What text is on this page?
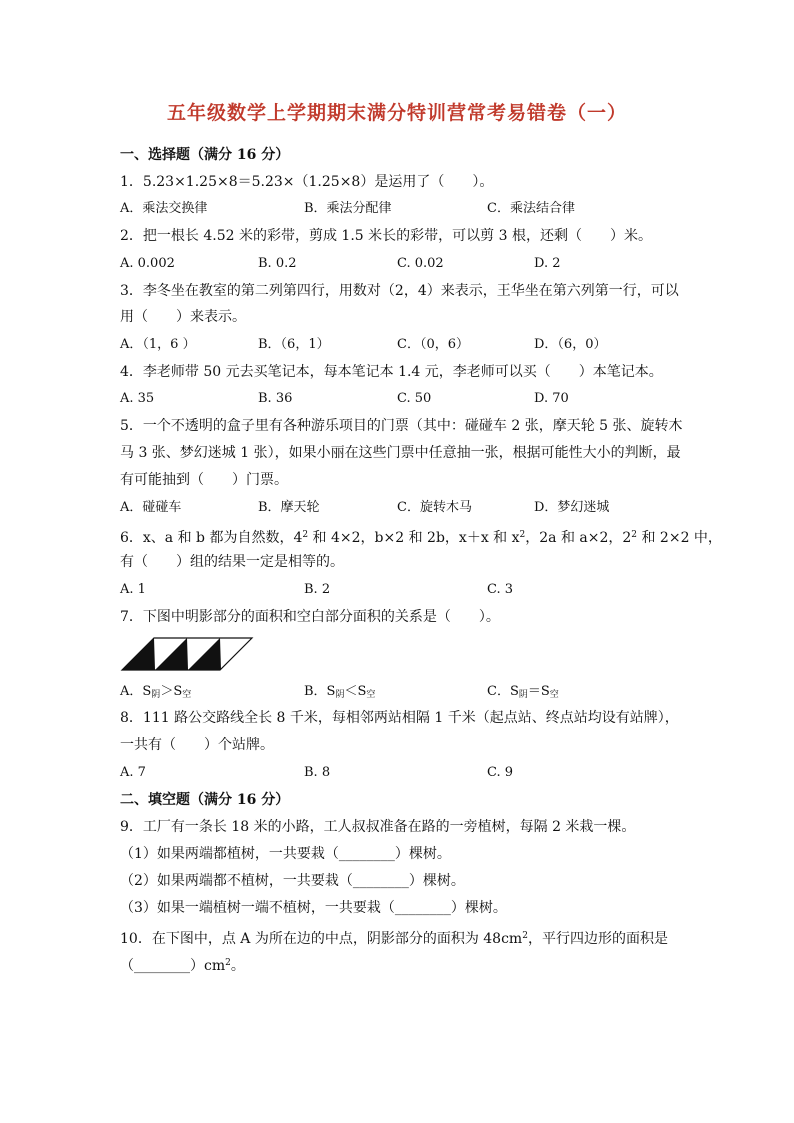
五年级数学上学期期末满分特训营常考易错卷（一）
一、选择题（满分 16 分）
1．5.23×1.25×8＝5.23×（1.25×8）是运用了（　　）。
A．乘法交换律	B．乘法分配律	C．乘法结合律
2．把一根长 4.52 米的彩带，剪成 1.5 米长的彩带，可以剪 3 根，还剩（　　）米。
A. 0.002	B. 0.2	C. 0.02	D. 2
3．李冬坐在教室的第二列第四行，用数对（2，4）来表示，王华坐在第六列第一行，可以
用（　　）来表示。
A．（1，6 ）	B．（6，1）	C．（0，6）	D．（6，0）
4．李老师带 50 元去买笔记本，每本笔记本 1.4 元，李老师可以买（　　）本笔记本。
A. 35	B. 36	C. 50	D. 70
5．一个不透明的盒子里有各种游乐项目的门票（其中：碰碰车 2 张，摩天轮 5 张、旋转木
马 3 张、梦幻迷城 1 张），如果小丽在这些门票中任意抽一张，根据可能性大小的判断，最
有可能抽到（　　）门票。
A．碰碰车	B．摩天轮	C．旋转木马	D．梦幻迷城
6．x、a 和 b 都为自然数，$4^2$ 和 4×2，b×2 和 2b，x＋x 和 $x^2$，2a 和 a×2，$2^2$ 和 2×2 中，
有（　　）组的结果一定是相等的。
A. 1	B. 2	C. 3
7．下图中明影部分的面积和空白部分面积的关系是（　　）。
A．$S_阴>S_空$	B．$S_阴<S_空$	C．$S_阴=S_空$
8．111 路公交路线全长 8 千米，每相邻两站相隔 1 千米（起点站、终点站均设有站牌），
一共有（　　）个站牌。
A. 7	B. 8	C. 9
二、填空题（满分 16 分）
9．工厂有一条长 18 米的小路，工人叔叔准备在路的一旁植树，每隔 2 米栽一棵。
（1）如果两端都植树，一共要栽（________）棵树。
（2）如果两端都不植树，一共要栽（________）棵树。
（3）如果一端植树一端不植树，一共要栽（________）棵树。
10．在下图中，点 A 为所在边的中点，阴影部分的面积为 $48cm^2$，平行四边形的面积是
$(\_\_\_\_\_\_\_\_)cm^2$。
